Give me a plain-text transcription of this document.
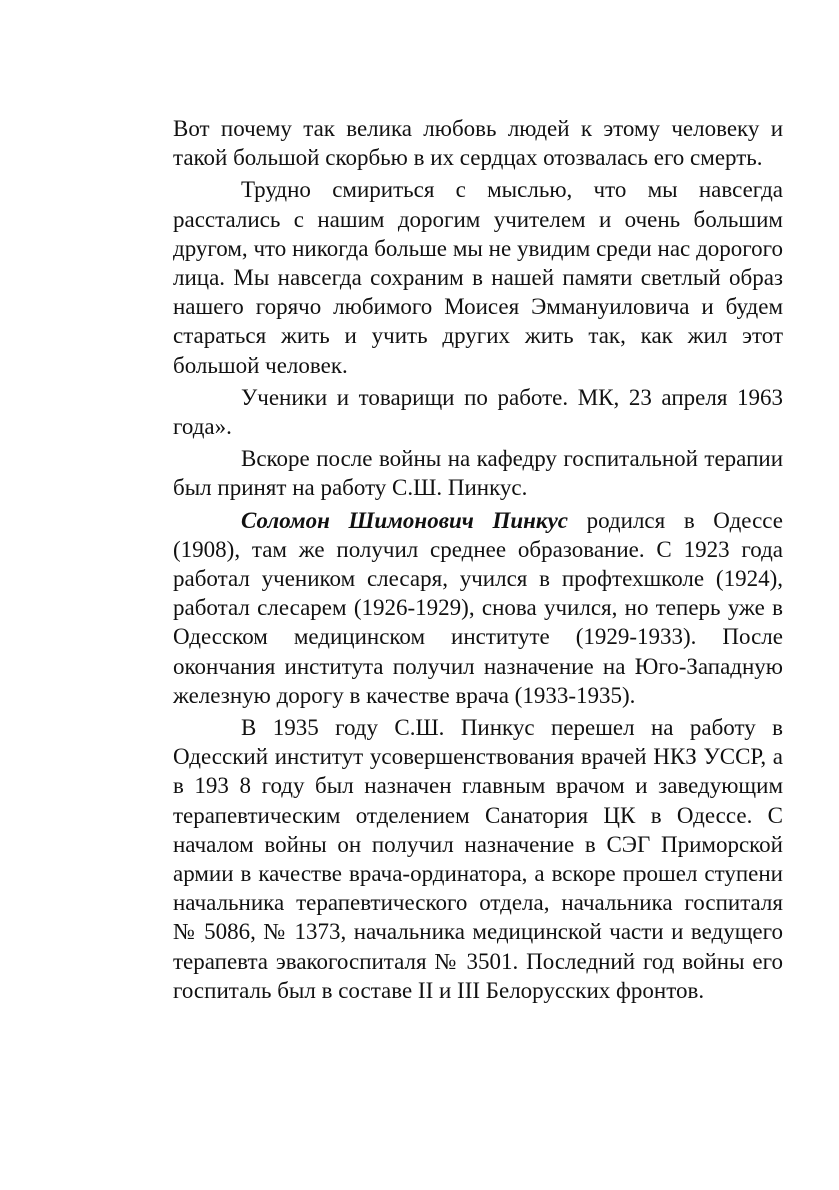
Вот почему так велика любовь людей к этому человеку и такой большой скорбью в их сердцах отозвалась его смерть.

Трудно смириться с мыслью, что мы навсегда расстались с нашим дорогим учителем и очень большим другом, что никогда больше мы не увидим среди нас дорогого лица. Мы навсегда сохраним в нашей памяти светлый образ нашего горячо любимого Моисея Эммануиловича и будем стараться жить и учить других жить так, как жил этот большой человек.

Ученики и товарищи по работе. МК, 23 апреля 1963 года».

Вскоре после войны на кафедру госпитальной терапии был принят на работу С.Ш. Пинкус.

Соломон Шимонович Пинкус родился в Одессе (1908), там же получил среднее образование. С 1923 года работал учеником слесаря, учился в профтехшколе (1924), работал слесарем (1926-1929), снова учился, но теперь уже в Одесском медицинском институте (1929-1933). После окончания института получил назначение на Юго-Западную железную дорогу в качестве врача (1933-1935).

В 1935 году С.Ш. Пинкус перешел на работу в Одесский институт усовершенствования врачей НКЗ УССР, а в 193 8 году был назначен главным врачом и заведующим терапевтическим отделением Санатория ЦК в Одессе. С началом войны он получил назначение в СЭГ Приморской армии в качестве врача-ординатора, а вскоре прошел ступени начальника терапевтического отдела, начальника госпиталя № 5086, № 1373, начальника медицинской части и ведущего терапевта эвакогоспиталя № 3501. Последний год войны его госпиталь был в составе II и III Белорусских фронтов.
